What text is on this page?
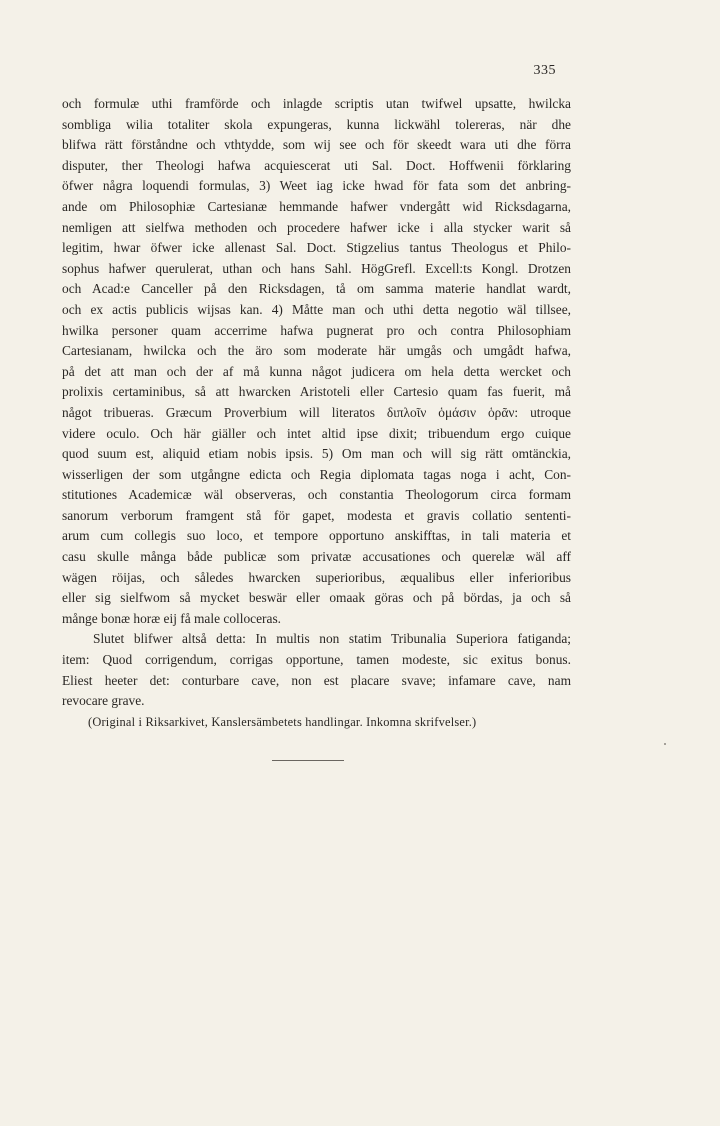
335
och formulæ uthi framförde och inlagde scriptis utan twifwel upsatte, hwilcka
sombliga wilia totaliter skola expungeras, kunna lickwähl tolereras, när dhe
blifwa rätt förståndne och vthtydde, som wij see och för skeedt wara uti dhe förra
disputer, ther Theologi hafwa acquiescerat uti Sal. Doct. Hoffwenii förklaring
öfwer några loquendi formulas, 3) Weet iag icke hwad för fata som det anbring-
ande om Philosophiæ Cartesianæ hemmande hafwer vndergått wid Ricksdagarna,
nemligen att sielfwa methoden och procedere hafwer icke i alla stycker warit så
legitim, hwar öfwer icke allenast Sal. Doct. Stigzelius tantus Theologus et Philo-
sophus hafwer querulerat, uthan och hans Sahl. HögGrefl. Excell:ts Kongl. Drotzen
och Acad:e Canceller på den Ricksdagen, tå om samma materie handlat wardt,
och ex actis publicis wijsas kan. 4) Måtte man och uthi detta negotio wäl tillsee,
hwilka personer quam accerrime hafwa pugnerat pro och contra Philosophiam
Cartesianam, hwilcka och the äro som moderate här umgås och umgådt hafwa,
på det att man och der af må kunna något judicera om hela detta wercket och
prolixis certaminibus, så att hwarcken Aristoteli eller Cartesio quam fas fuerit, må
något tribueras. Græcum Proverbium will literatos διπλοῖν ὁμάσιν ὁρᾶν: utroque
videre oculo. Och här giäller och intet altid ipse dixit; tribuendum ergo cuique
quod suum est, aliquid etiam nobis ipsis. 5) Om man och will sig rätt omtänckia,
wisserligen der som utgångne edicta och Regia diplomata tagas noga i acht, Con-
stitutiones Academicæ wäl observeras, och constantia Theologorum circa formam
sanorum verborum framgent stå för gapet, modesta et gravis collatio sententi-
arum cum collegis suo loco, et tempore opportuno anskifftas, in tali materia et
casu skulle många både publicæ som privatæ accusationes och querelæ wäl aff
wägen röijas, och således hwarcken superioribus, æqualibus eller inferioribus
eller sig sielfwom så mycket beswär eller omaak göras och på bördas, ja och så
månge bonæ horæ eij få male colloceras.
Slutet blifwer altså detta: In multis non statim Tribunalia Superiora fatiganda;
item: Quod corrigendum, corrigas opportune, tamen modeste, sic exitus bonus.
Eliest heeter det: conturbare cave, non est placare svave; infamare cave, nam
revocare grave.
(Original i Riksarkivet, Kanslersämbetets handlingar. Inkomna skrifvelser.)
